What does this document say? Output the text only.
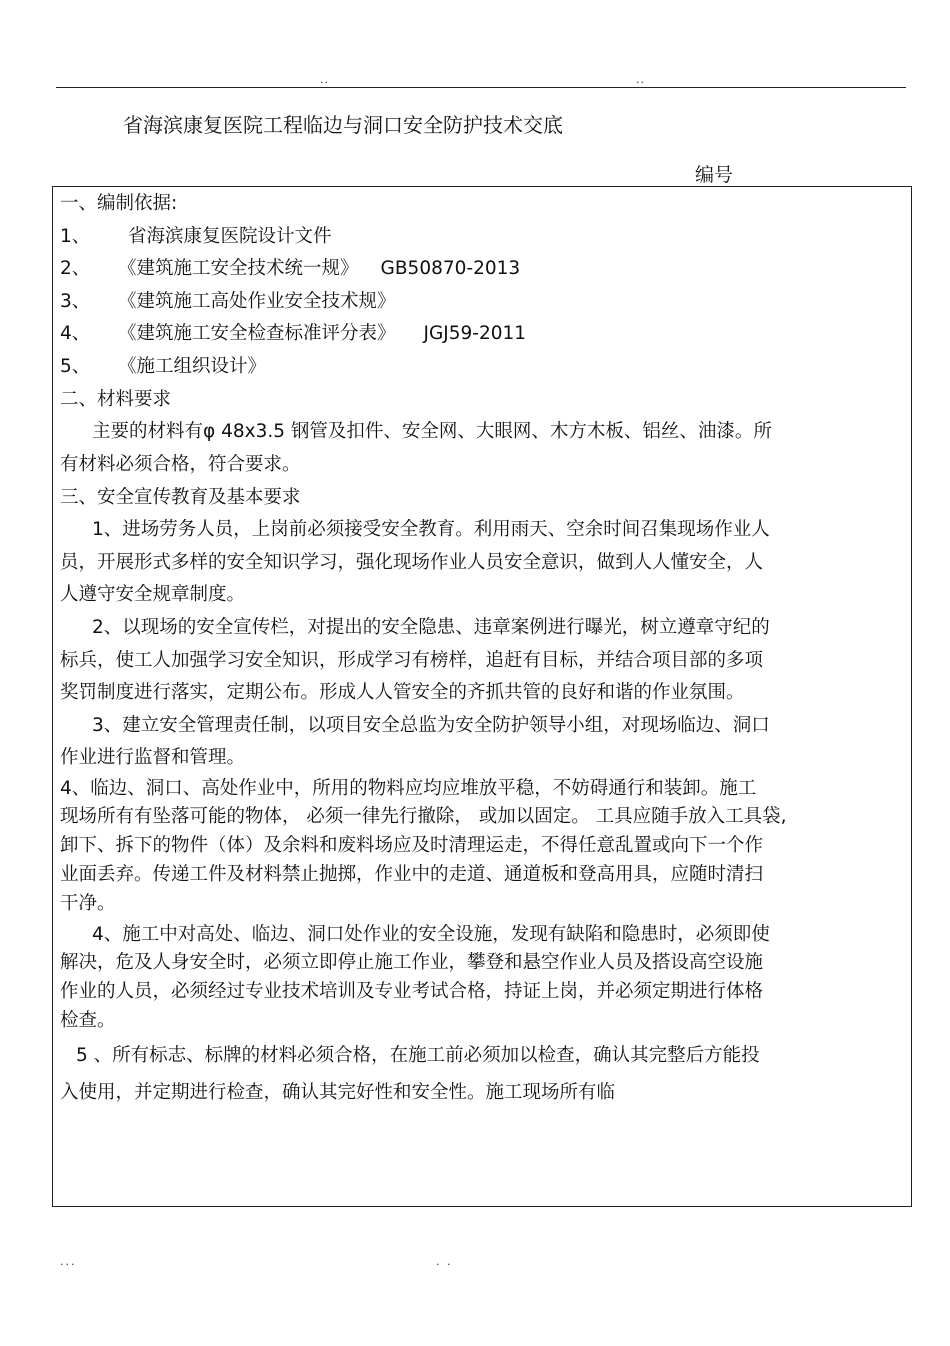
..	..
省海滨康复医院工程临边与洞口安全防护技术交底
编号
一、编制依据:
1、 省海滨康复医院设计文件
2、 《建筑施工安全技术统一规》 GB50870-2013
3、 《建筑施工高处作业安全技术规》
4、 《建筑施工安全检查标准评分表》 JGJ59-2011
5、 《施工组织设计》
二、材料要求
主要的材料有φ 48x3.5 钢管及扣件、安全网、大眼网、木方木板、铝丝、油漆。所
有材料必须合格，符合要求。
三、安全宣传教育及基本要求
1、进场劳务人员，上岗前必须接受安全教育。利用雨天、空余时间召集现场作业人
员，开展形式多样的安全知识学习，强化现场作业人员安全意识，做到人人懂安全，人
人遵守安全规章制度。
2、以现场的安全宣传栏，对提出的安全隐患、违章案例进行曝光，树立遵章守纪的
标兵，使工人加强学习安全知识，形成学习有榜样，追赶有目标，并结合项目部的多项
奖罚制度进行落实，定期公布。形成人人管安全的齐抓共管的良好和谐的作业氛围。
3、建立安全管理责任制，以项目安全总监为安全防护领导小组，对现场临边、洞口
作业进行监督和管理。
4、临边、洞口、高处作业中，所用的物料应均应堆放平稳，不妨碍通行和装卸。施工
现场所有有坠落可能的物体， 必须一律先行撤除， 或加以固定。 工具应随手放入工具袋,
卸下、拆下的物件（体）及余料和废料场应及时清理运走，不得任意乱置或向下一个作
业面丢弃。传递工件及材料禁止抛掷，作业中的走道、通道板和登高用具，应随时清扫
干净。
4、施工中对高处、临边、洞口处作业的安全设施，发现有缺陷和隐患时，必须即使
解决，危及人身安全时，必须立即停止施工作业，攀登和悬空作业人员及搭设高空设施
作业的人员，必须经过专业技术培训及专业考试合格，持证上岗，并必须定期进行体格
检查。
5 、所有标志、标牌的材料必须合格，在施工前必须加以检查，确认其完整后方能投
入使用，并定期进行检查，确认其完好性和安全性。施工现场所有临
...	. .
